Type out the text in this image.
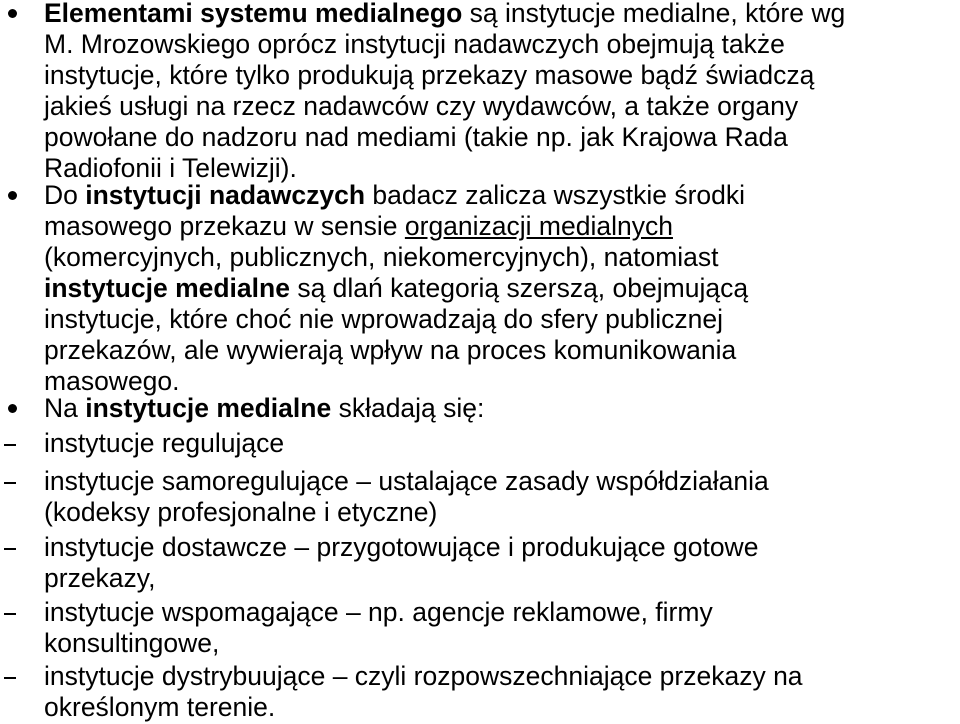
Elementami systemu medialnego są instytucje medialne, które wg
M. Mrozowskiego oprócz instytucji nadawczych obejmują także
instytucje, które tylko produkują przekazy masowe bądź świadczą
jakieś usługi na rzecz nadawców czy wydawców, a także organy
powołane do nadzoru nad mediami (takie np. jak Krajowa Rada
Radiofonii i Telewizji).
Do instytucji nadawczych badacz zalicza wszystkie środki
masowego przekazu w sensie organizacji medialnych
(komercyjnych, publicznych, niekomercyjnych), natomiast
instytucje medialne są dlań kategorią szerszą, obejmującą
instytucje, które choć nie wprowadzają do sfery publicznej
przekazów, ale wywierają wpływ na proces komunikowania
masowego.
Na instytucje medialne składają się:
instytucje regulujące
instytucje samoregulujące – ustalające zasady współdziałania
(kodeksy profesjonalne i etyczne)
instytucje dostawcze – przygotowujące i produkujące gotowe
przekazy,
instytucje wspomagające – np. agencje reklamowe, firmy
konsultingowe,
instytucje dystrybuujące – czyli rozpowszechniające przekazy na
określonym terenie.
